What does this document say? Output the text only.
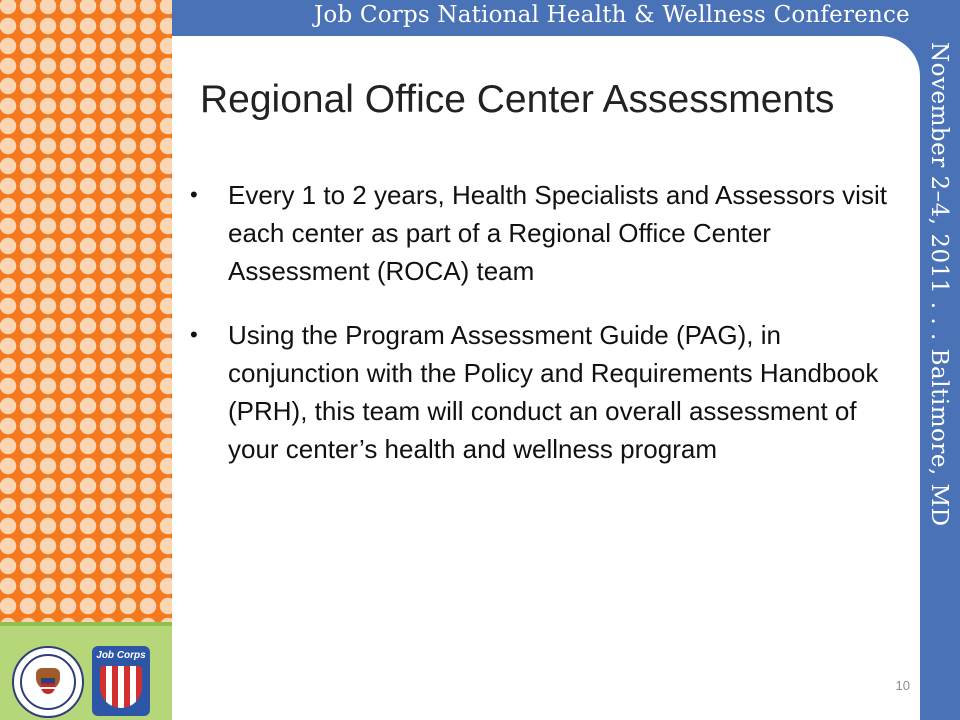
Job Corps National Health & Wellness Conference
November 2–4, 2011 . . . Baltimore, MD
Job Corps
Regional Office Center Assessments
• Every 1 to 2 years, Health Specialists and Assessors visit each center as part of a Regional Office Center Assessment (ROCA) team
• Using the Program Assessment Guide (PAG), in conjunction with the Policy and Requirements Handbook (PRH), this team will conduct an overall assessment of your center’s health and wellness program
10
